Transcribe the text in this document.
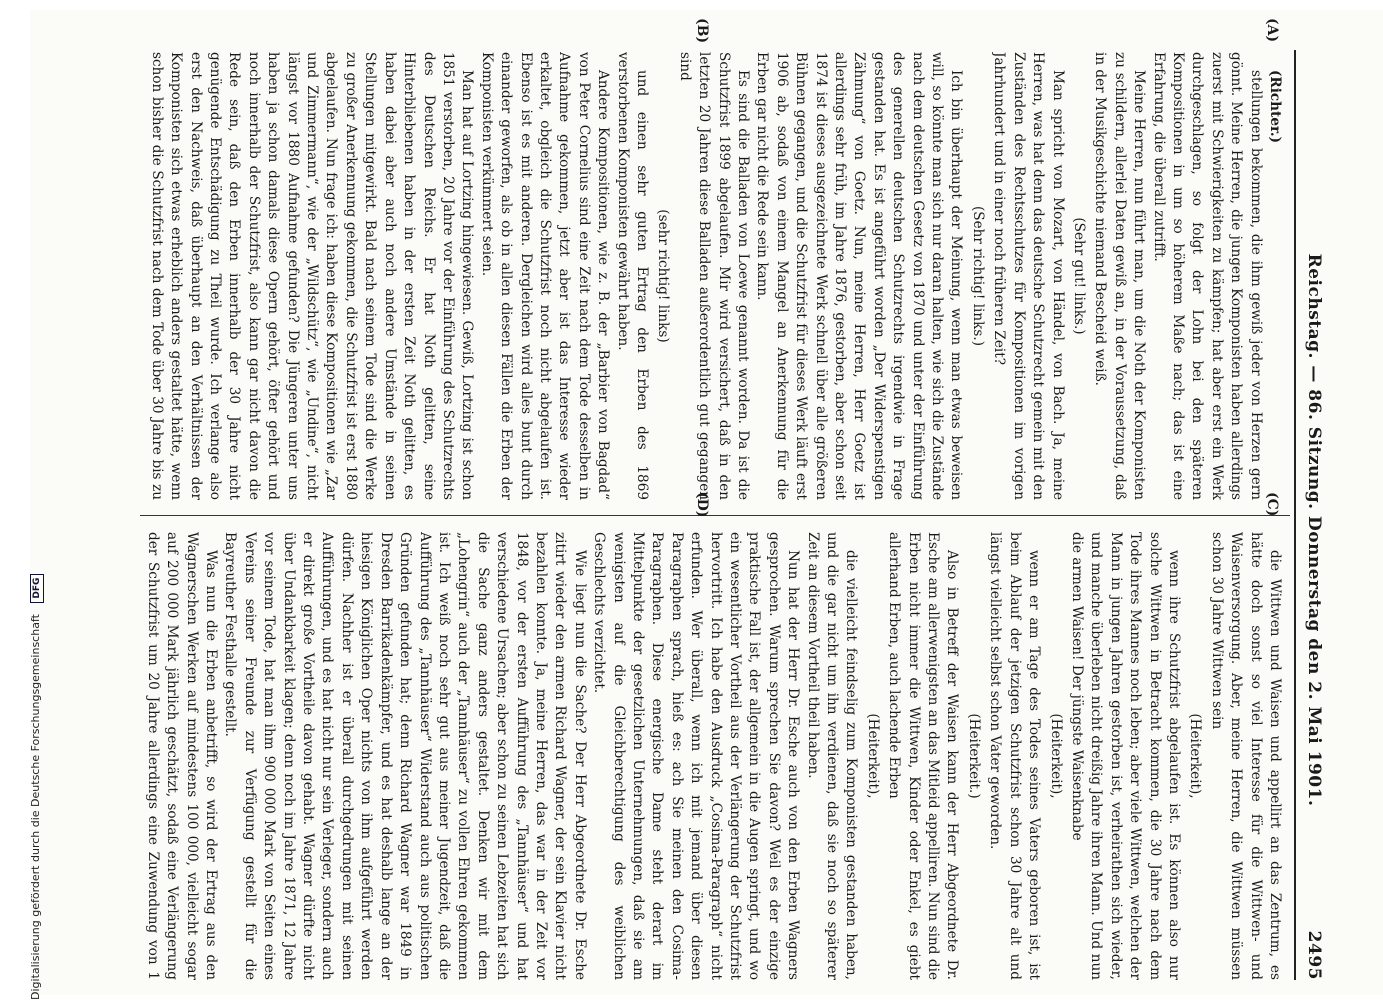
Reichstag. — 86. Sitzung. Donnerstag den 2. Mai 1901.
2495
(A)
(B)
(C)
(D)

(Richter.)

stellungen bekommen, die ihm gewiß jeder von Herzen gern gönnt. Meine Herren, die jungen Komponisten haben allerdings zuerst mit Schwierigkeiten zu kämpfen; hat aber erst ein Werk durchgeschlagen, so folgt der Lohn bei den späteren Kompositionen in um so höherem Maße nach; das ist eine Erfahrung, die überall zutrifft.

Meine Herren, nun führt man, um die Noth der Komponisten zu schildern, allerlei Daten gewiß an, in der Voraussetzung, daß in der Musikgeschichte niemand Bescheid weiß.

(Sehr gut! links.)

Man spricht von Mozart, von Händel, von Bach. Ja, meine Herren, was hat denn das deutsche Schutzrecht gemein mit den Zuständen des Rechtsschutzes für Kompositionen im vorigen Jahrhundert und in einer noch früheren Zeit?

(Sehr richtig! links.)

Ich bin überhaupt der Meinung, wenn man etwas beweisen will, so könnte man sich nur daran halten, wie sich die Zustände nach dem deutschen Gesetz von 1870 und unter der Einführung des generellen deutschen Schutzrechts irgendwie in Frage gestanden hat. Es ist angeführt worden „Der Widerspenstigen Zähmung“ von Goetz. Nun, meine Herren, Herr Goetz ist allerdings sehr früh, im Jahre 1876, gestorben, aber schon seit 1874 ist dieses ausgezeichnete Werk schnell über alle größeren Bühnen gegangen, und die Schutzfrist für dieses Werk läuft erst 1906 ab, sodaß von einem Mangel an Anerkennung für die Erben gar nicht die Rede sein kann.

Es sind die Balladen von Loewe genannt worden. Da ist die Schutzfrist 1899 abgelaufen. Mir wird versichert, daß in den letzten 20 Jahren diese Balladen außerordentlich gut gegangen sind

(sehr richtig! links)

und einen sehr guten Ertrag den Erben des 1869 verstorbenen Komponisten gewährt haben.

Andere Kompositionen, wie z. B. der „Barbier von Bagdad“ von Peter Cornelius sind eine Zeit nach dem Tode desselben in Aufnahme gekommen, jetzt aber ist das Interesse wieder erkaltet, obgleich die Schutzfrist noch nicht abgelaufen ist. Ebenso ist es mit anderen. Dergleichen wird alles bunt durch einander geworfen, als ob in allen diesen Fällen die Erben der Komponisten verkümmert seien.

Man hat auf Lortzing hingewiesen. Gewiß, Lortzing ist schon 1851 verstorben, 20 Jahre vor der Einführung des Schutzrechts des Deutschen Reichs. Er hat Noth gelitten, seine Hinterbliebenen haben in der ersten Zeit Noth gelitten, es haben dabei aber auch noch andere Umstände in seinen Stellungen mitgewirkt. Bald nach seinem Tode sind die Werke zu großer Anerkennung gekommen, die Schutzfrist ist erst 1880 abgelaufen. Nun frage ich: haben diese Kompositionen wie „Zar und Zimmermann“, wie der „Wildschütz“, wie „Undine“, nicht längst vor 1880 Aufnahme gefunden? Die Jüngeren unter uns haben ja schon damals diese Opern gehört, öfter gehört und noch innerhalb der Schutzfrist, also kann gar nicht davon die Rede sein, daß den Erben innerhalb der 30 Jahre nicht genügende Entschädigung zu Theil wurde. Ich verlange also erst den Nachweis, daß überhaupt an den Verhältnissen der Komponisten sich etwas erheblich anders gestaltet hätte, wenn schon bisher die Schutzfrist nach dem Tode über 30 Jahre bis zu

die Wittwen und Waisen und appellirt an das Zentrum, es hätte doch sonst so viel Interesse für die Wittwen- und Waisenversorgung. Aber, meine Herren, die Wittwen müssen schon 30 Jahre Wittwen sein

(Heiterkeit),

wenn ihre Schutzfrist abgelaufen ist. Es können also nur solche Wittwen in Betracht kommen, die 30 Jahre nach dem Tode ihres Mannes noch leben; aber viele Wittwen, welchen der Mann in jungen Jahren gestorben ist, verheirathen sich wieder, und manche überleben nicht dreißig Jahre ihren Mann. Und nun die armen Waisen! Der jüngste Waisenknabe

(Heiterkeit),

wenn er am Tage des Todes seines Vaters geboren ist, ist beim Ablauf der jetzigen Schutzfrist schon 30 Jahre alt und längst vielleicht selbst schon Vater geworden.

(Heiterkeit.)

Also in Betreff der Waisen kann der Herr Abgeordnete Dr. Esche am allerwenigsten an das Mitleid appelliren. Nun sind die Erben nicht immer die Wittwen, Kinder oder Enkel, es giebt allerhand Erben, auch lachende Erben

(Heiterkeit),

die vielleicht feindselig zum Komponisten gestanden haben, und die gar nicht um ihn verdienen, daß sie noch so späterer Zeit an diesem Vortheil theil haben.

Nun hat der Herr Dr. Esche auch von den Erben Wagners gesprochen. Warum sprechen Sie davon? Weil es der einzige praktische Fall ist, der allgemein in die Augen springt, und wo ein wesentlicher Vortheil aus der Verlängerung der Schutzfrist hervortritt. Ich habe den Ausdruck „Cosima-Paragraph“ nicht erfunden. Wer überall, wenn ich mit jemand über diesen Paragraphen sprach, hieß es: ach Sie meinen den Cosima-Paragraphen. Diese energische Dame steht derart im Mittelpunkte der gesetzlichen Unternehmungen, daß sie am wenigsten auf die Gleichberechtigung des weiblichen Geschlechts verzichtet.

Wie liegt nun die Sache? Der Herr Abgeordnete Dr. Esche zitirt wieder den armen Richard Wagner, der sein Klavier nicht bezahlen konnte. Ja, meine Herren, das war in der Zeit vor 1848, vor der ersten Aufführung des „Tannhäuser“ und hat verschiedene Ursachen; aber schon zu seinen Lebzeiten hat sich die Sache ganz anders gestaltet. Denken wir mit dem „Lohengrin“ auch der „Tannhäuser“ zu vollen Ehren gekommen ist. Ich weiß noch sehr gut aus meiner Jugendzeit, daß die Aufführung des „Tannhäuser“ Widerstand auch aus politischen Gründen gefunden hat; denn Richard Wagner war 1849 in Dresden Barrikadenkämpfer, und es hat deshalb lange an der hiesigen Königlichen Oper nichts von ihm aufgeführt werden dürfen. Nachher ist er überall durchgedrungen mit seinen Aufführungen, und es hat nicht nur sein Verleger, sondern auch er direkt große Vortheile davon gehabt. Wagner dürfte nicht über Undankbarkeit klagen; denn noch im Jahre 1871, 12 Jahre vor seinem Tode, hat man ihm 900 000 Mark von Seiten eines Vereins seiner Freunde zur Verfügung gestellt für die Bayreuther Festhalle gestellt.

Was nun die Erben anbetrifft, so wird der Ertrag aus den Wagnerschen Werken auf mindestens 100 000, vielleicht sogar auf 200 000 Mark jährlich geschätzt, sodaß eine Verlängerung der Schutzfrist um 20 Jahre allerdings eine Zuwendung von 1

Digitalisierung gefördert durch die Deutsche Forschungsgemeinschaft DFG
